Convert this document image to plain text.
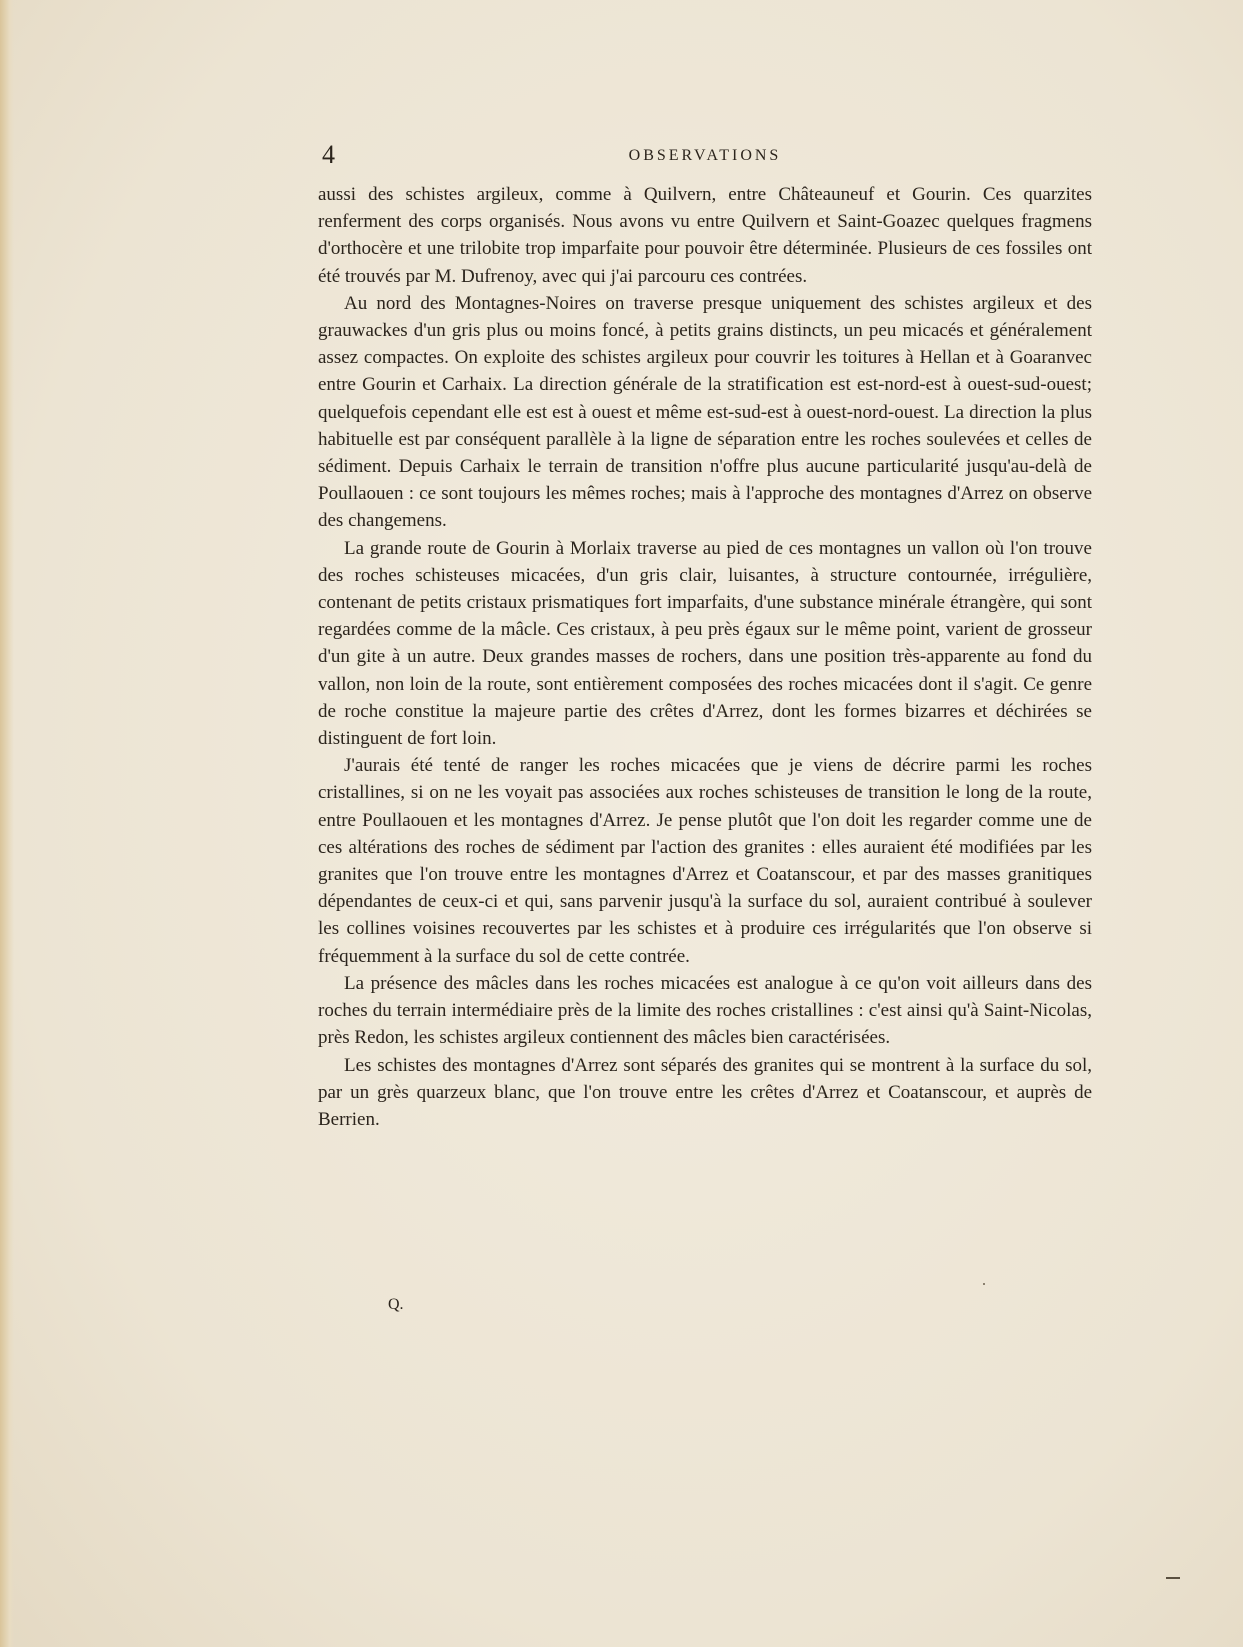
4	OBSERVATIONS

aussi des schistes argileux, comme à Quilvern, entre Châteauneuf et Gourin. Ces quarzites renferment des corps organisés. Nous avons vu entre Quilvern et Saint-Goazec quelques fragmens d'orthocère et une trilobite trop imparfaite pour pouvoir être déterminée. Plusieurs de ces fossiles ont été trouvés par M. Dufrenoy, avec qui j'ai parcouru ces contrées.

Au nord des Montagnes-Noires on traverse presque uniquement des schistes argileux et des grauwackes d'un gris plus ou moins foncé, à petits grains distincts, un peu micacés et généralement assez compactes. On exploite des schistes argileux pour couvrir les toitures à Hellan et à Goaranvec entre Gourin et Carhaix. La direction générale de la stratification est est-nord-est à ouest-sud-ouest; quelquefois cependant elle est est à ouest et même est-sud-est à ouest-nord-ouest. La direction la plus habituelle est par conséquent parallèle à la ligne de séparation entre les roches soulevées et celles de sédiment. Depuis Carhaix le terrain de transition n'offre plus aucune particularité jusqu'au-delà de Poullaouen : ce sont toujours les mêmes roches; mais à l'approche des montagnes d'Arrez on observe des changemens.

La grande route de Gourin à Morlaix traverse au pied de ces montagnes un vallon où l'on trouve des roches schisteuses micacées, d'un gris clair, luisantes, à structure contournée, irrégulière, contenant de petits cristaux prismatiques fort imparfaits, d'une substance minérale étrangère, qui sont regardées comme de la mâcle. Ces cristaux, à peu près égaux sur le même point, varient de grosseur d'un gite à un autre. Deux grandes masses de rochers, dans une position très-apparente au fond du vallon, non loin de la route, sont entièrement composées des roches micacées dont il s'agit. Ce genre de roche constitue la majeure partie des crêtes d'Arrez, dont les formes bizarres et déchirées se distinguent de fort loin.

J'aurais été tenté de ranger les roches micacées que je viens de décrire parmi les roches cristallines, si on ne les voyait pas associées aux roches schisteuses de transition le long de la route, entre Poullaouen et les montagnes d'Arrez. Je pense plutôt que l'on doit les regarder comme une de ces altérations des roches de sédiment par l'action des granites : elles auraient été modifiées par les granites que l'on trouve entre les montagnes d'Arrez et Coatanscour, et par des masses granitiques dépendantes de ceux-ci et qui, sans parvenir jusqu'à la surface du sol, auraient contribué à soulever les collines voisines recouvertes par les schistes et à produire ces irrégularités que l'on observe si fréquemment à la surface du sol de cette contrée.

La présence des mâcles dans les roches micacées est analogue à ce qu'on voit ailleurs dans des roches du terrain intermédiaire près de la limite des roches cristallines : c'est ainsi qu'à Saint-Nicolas, près Redon, les schistes argileux contiennent des mâcles bien caractérisées.

Les schistes des montagnes d'Arrez sont séparés des granites qui se montrent à la surface du sol, par un grès quarzeux blanc, que l'on trouve entre les crêtes d'Arrez et Coatanscour, et auprès de Berrien.

Q.
